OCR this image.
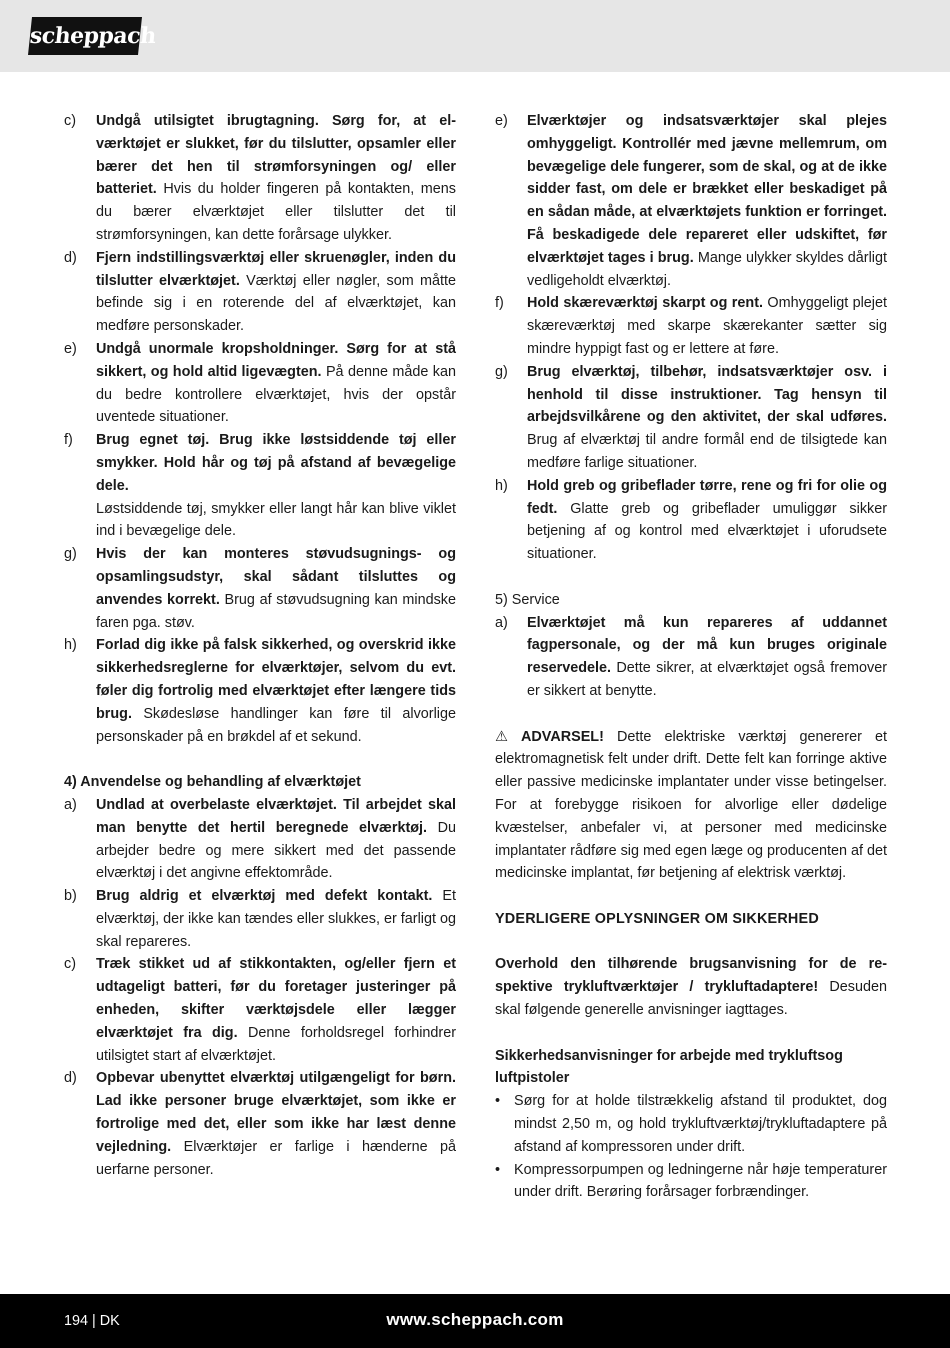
scheppach
c)	Undgå utilsigtet ibrugtagning. Sørg for, at elværktøjet er slukket, før du tilslutter, opsamler eller bærer det hen til strømforsyningen og/ eller batteriet. Hvis du holder fingeren på kontakten, mens du bærer elværktøjet eller tilslutter det til strømforsyningen, kan dette forårsage ulykker.
d)	Fjern indstillingsværktøj eller skruenøgler, inden du tilslutter elværktøjet. Værktøj eller nøgler, som måtte befinde sig i en roterende del af elværktøjet, kan medføre personskader.
e)	Undgå unormale kropsholdninger. Sørg for at stå sikkert, og hold altid ligevægten. På denne måde kan du bedre kontrollere elværktøjet, hvis der opstår uventede situationer.
f)	Brug egnet tøj. Brug ikke løstsiddende tøj eller smykker. Hold hår og tøj på afstand af bevægelige dele.
Løstsiddende tøj, smykker eller langt hår kan blive viklet ind i bevægelige dele.
g)	Hvis der kan monteres støvudsugnings- og opsamlingsudstyr, skal sådant tilsluttes og anvendes korrekt. Brug af støvudsugning kan mindske faren pga. støv.
h)	Forlad dig ikke på falsk sikkerhed, og overskrid ikke sikkerhedsreglerne for elværktøjer, selvom du evt. føler dig fortrolig med elværktøjet efter længere tids brug. Skødesløse handlinger kan føre til alvorlige personskader på en brøkdel af et sekund.
4) Anvendelse og behandling af elværktøjet
a)	Undlad at overbelaste elværktøjet. Til arbejdet skal man benytte det hertil beregnede elværktøj. Du arbejder bedre og mere sikkert med det passende elværktøj i det angivne effektområde.
b)	Brug aldrig et elværktøj med defekt kontakt. Et elværktøj, der ikke kan tændes eller slukkes, er farligt og skal repareres.
c)	Træk stikket ud af stikkontakten, og/eller fjern et udtageligt batteri, før du foretager justeringer på enheden, skifter værktøjsdele eller lægger elværktøjet fra dig. Denne forholdsregel forhindrer utilsigtet start af elværktøjet.
d)	Opbevar ubenyttet elværktøj utilgængeligt for børn. Lad ikke personer bruge elværktøjet, som ikke er fortrolige med det, eller som ikke har læst denne vejledning. Elværktøjer er farlige i hænderne på uerfarne personer.
e)	Elværktøjer og indsatsværktøjer skal plejes omhyggeligt. Kontrollér med jævne mellemrum, om bevægelige dele fungerer, som de skal, og at de ikke sidder fast, om dele er brækket eller beskadiget på en sådan måde, at elværktøjets funktion er forringet. Få beskadigede dele repareret eller udskiftet, før elværktøjet tages i brug. Mange ulykker skyldes dårligt vedligeholdt elværktøj.
f)	Hold skæreværktøj skarpt og rent. Omhyggeligt plejet skæreværktøj med skarpe skærekanter sætter sig mindre hyppigt fast og er lettere at føre.
g)	Brug elværktøj, tilbehør, indsatsværktøjer osv. i henhold til disse instruktioner. Tag hensyn til arbejdsvilkårene og den aktivitet, der skal udføres. Brug af elværktøj til andre formål end de tilsigtede kan medføre farlige situationer.
h)	Hold greb og gribeflader tørre, rene og fri for olie og fedt. Glatte greb og gribeflader umuliggør sikker betjening af og kontrol med elværktøjet i uforudsete situationer.
5) Service
a)	Elværktøjet må kun repareres af uddannet fagpersonale, og der må kun bruges originale reservedele. Dette sikrer, at elværktøjet også fremover er sikkert at benytte.
⚠ ADVARSEL! Dette elektriske værktøj genererer et elektromagnetisk felt under drift. Dette felt kan forringe aktive eller passive medicinske implantater under visse betingelser. For at forebygge risikoen for alvorlige eller dødelige kvæstelser, anbefaler vi, at personer med medicinske implantater rådføre sig med egen læge og producenten af det medicinske implantat, før betjening af elektrisk værktøj.
YDERLIGERE OPLYSNINGER OM SIKKERHED
Overhold den tilhørende brugsanvisning for de respektive trykluftværktøjer / trykluftadaptere! Desuden skal følgende generelle anvisninger iagttages.
Sikkerhedsanvisninger for arbejde med trykluftsog luftpistoler
• Sørg for at holde tilstrækkelig afstand til produktet, dog mindst 2,50 m, og hold trykluftværktøj/trykluftadaptere på afstand af kompressoren under drift.
• Kompressorpumpen og ledningerne når høje temperaturer under drift. Berøring forårsager forbrændinger.
194 | DK	www.scheppach.com
